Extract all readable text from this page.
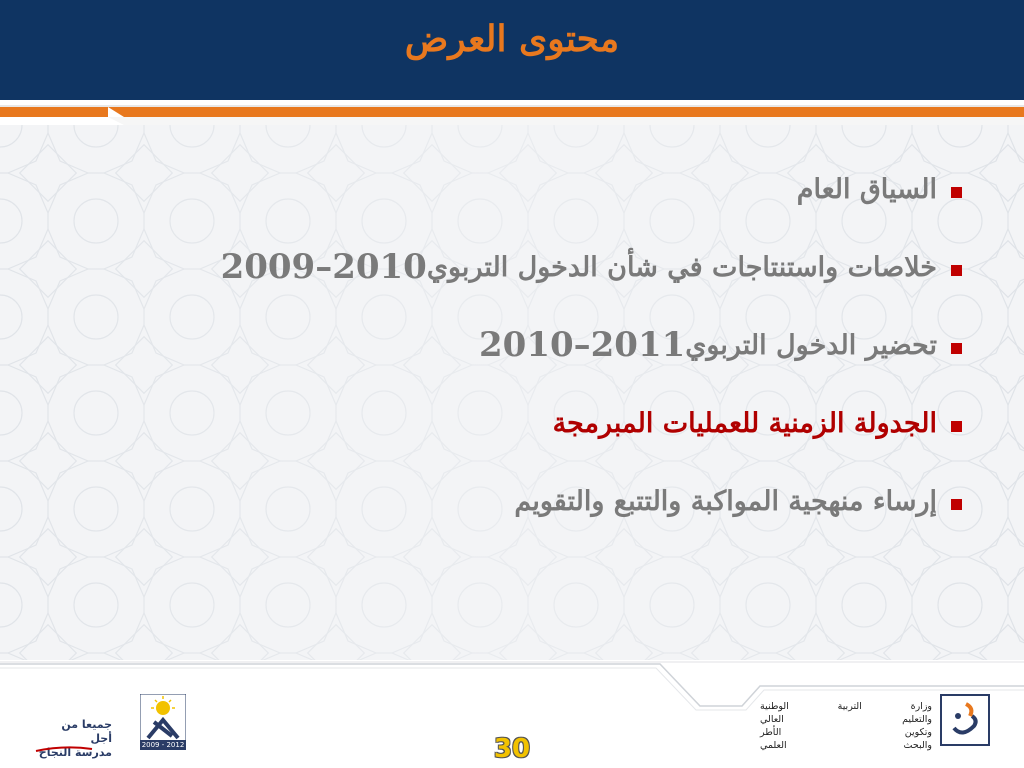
محتوى العرض
السياق العام
خلاصات واستنتاجات في شأن الدخول التربوي
2009–2010
تحضير الدخول التربوي
2010–2011
الجدولة الزمنية للعمليات المبرمجة
إرساء منهجية المواكبة والتتبع والتقويم
وزارة التربية الوطنية
والتعليم العالي
وتكوين الأطر
والبحث العلمي
2009 - 2012
جميعا من أجل
مدرسة النجاح	30
